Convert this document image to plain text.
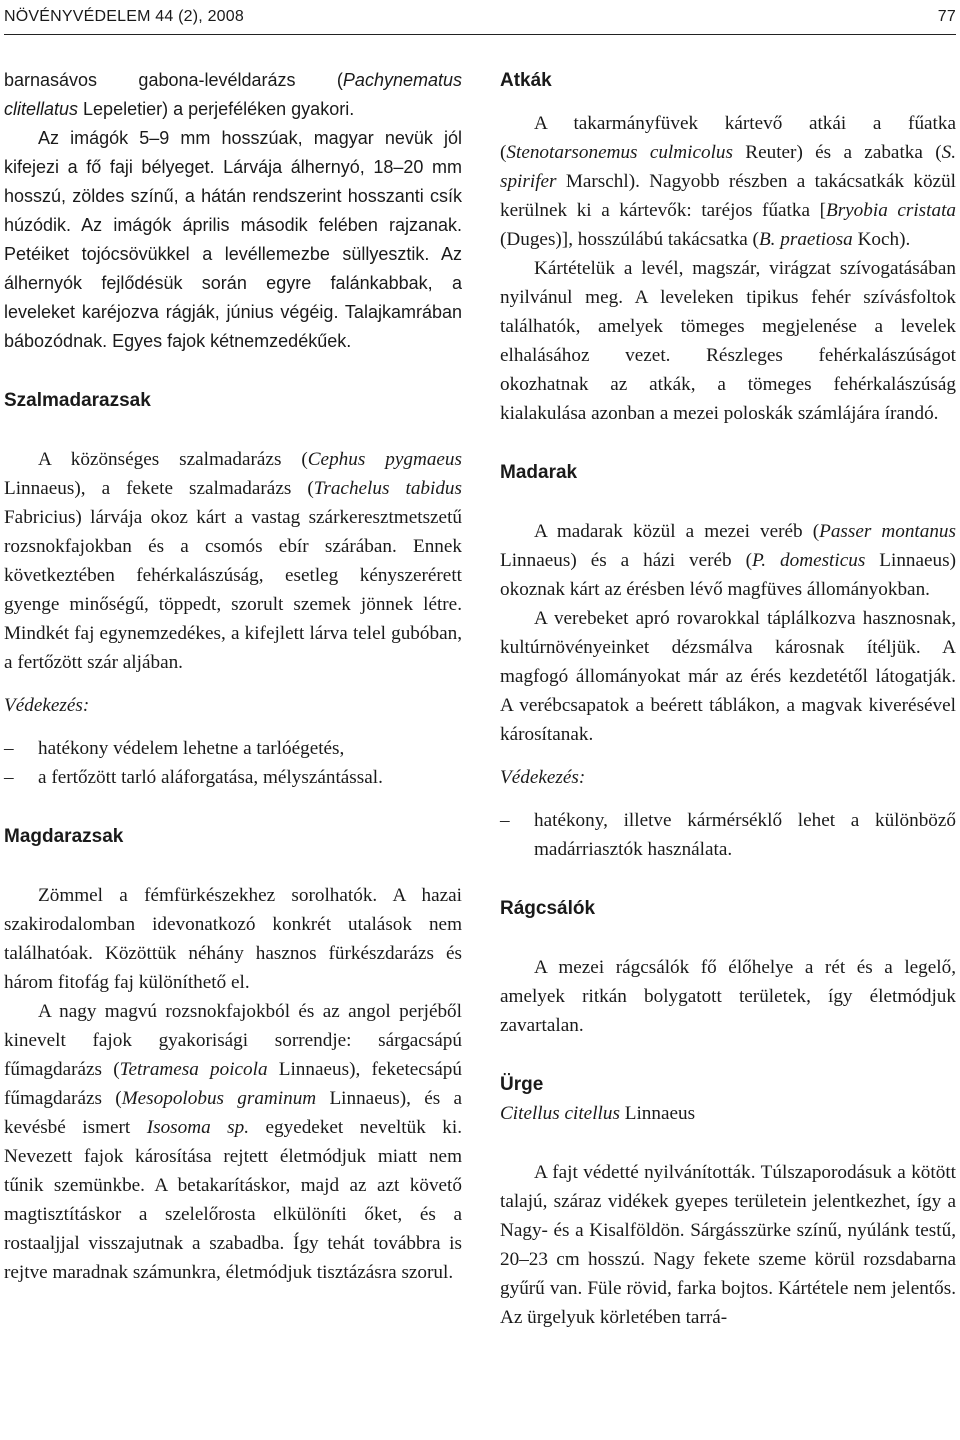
NÖVÉNYVÉDELEM 44 (2), 2008	77

barnasávos gabona-levéldarázs (Pachynematus clitellatus Lepeletier) a perjeféléken gyakori.

Az imágók 5–9 mm hosszúak, magyar nevük jól kifejezi a fő faji bélyeget. Lárvája álhernyó, 18–20 mm hosszú, zöldes színű, a hátán rendszerint hosszanti csík húzódik. Az imágók április második felében rajzanak. Petéiket tojócsövükkel a levéllemezbe süllyesztik. Az álhernyók fejlődésük során egyre falánkabbak, a leveleket karéjozva rágják, június végéig. Talajkamrában bábozódnak. Egyes fajok kétnemzedékűek.

Szalmadarazsak

A közönséges szalmadarázs (Cephus pygmaeus Linnaeus), a fekete szalmadarázs (Trachelus tabidus Fabricius) lárvája okoz kárt a vastag szárkeresztmetszetű rozsnokfajokban és a csomós ebír szárában. Ennek következtében fehérkalászúság, esetleg kényszerérett gyenge minőségű, töppedt, szorult szemek jönnek létre. Mindkét faj egynemzedékes, a kifejlett lárva telel gubóban, a fertőzött szár aljában.

Védekezés:

– hatékony védelem lehetne a tarlóégetés,
– a fertőzött tarló aláforgatása, mélyszántással.
Magdarazsak

Zömmel a fémfürkészekhez sorolhatók. A hazai szakirodalomban idevonatkozó konkrét utalások nem találhatóak. Közöttük néhány hasznos fürkészdarázs és három fitofág faj különíthető el.

A nagy magvú rozsnokfajokból és az angol perjéből kinevelt fajok gyakorisági sorrendje: sárgacsápú fűmagdarázs (Tetramesa poicola Linnaeus), feketecsápú fűmagdarázs (Mesopolobus graminum Linnaeus), és a kevésbé ismert Isosoma sp. egyedeket neveltük ki. Nevezett fajok károsítása rejtett életmódjuk miatt nem tűnik szemünkbe. A betakarításkor, majd az azt követő magtisztításkor a szelelőrosta elkülöníti őket, és a rostaaljjal visszajutnak a szabadba. Így tehát továbbra is rejtve maradnak számunkra, életmódjuk tisztázásra szorul.

Atkák

A takarmányfüvek kártevő atkái a fűatka (Stenotarsonemus culmicolus Reuter) és a zabatka (S. spirifer Marschl). Nagyobb részben a takácsatkák közül kerülnek ki a kártevők: taréjos fűatka [Bryobia cristata (Duges)], hosszúlábú takácsatka (B. praetiosa Koch).

Kártételük a levél, magszár, virágzat szívogatásában nyilvánul meg. A leveleken tipikus fehér szívásfoltok találhatók, amelyek tömeges megjelenése a levelek elhalásához vezet. Részleges fehérkalászúságot okozhatnak az atkák, a tömeges fehérkalászúság kialakulása azonban a mezei poloskák számlájára írandó.

Madarak

A madarak közül a mezei veréb (Passer montanus Linnaeus) és a házi veréb (P. domesticus Linnaeus) okoznak kárt az érésben lévő magfüves állományokban.

A verebeket apró rovarokkal táplálkozva hasznosnak, kultúrnövényeinket dézsmálva károsnak ítéljük. A magfogó állományokat már az érés kezdetétől látogatják. A verébcsapatok a beérett táblákon, a magvak kiverésével károsítanak.

Védekezés:

– hatékony, illetve kármérséklő lehet a különböző madárriasztók használata.
Rágcsálók

A mezei rágcsálók fő élőhelye a rét és a legelő, amelyek ritkán bolygatott területek, így életmódjuk zavartalan.

Ürge

Citellus citellus Linnaeus

A fajt védetté nyilvánították. Túlszaporodásuk a kötött talajú, száraz vidékek gyepes területein jelentkezhet, így a Nagy- és a Kisalföldön. Sárgásszürke színű, nyúlánk testű, 20–23 cm hosszú. Nagy fekete szeme körül rozsdabarna gyűrű van. Füle rövid, farka bojtos. Kártétele nem jelentős. Az ürgelyuk körletében tarrá-
